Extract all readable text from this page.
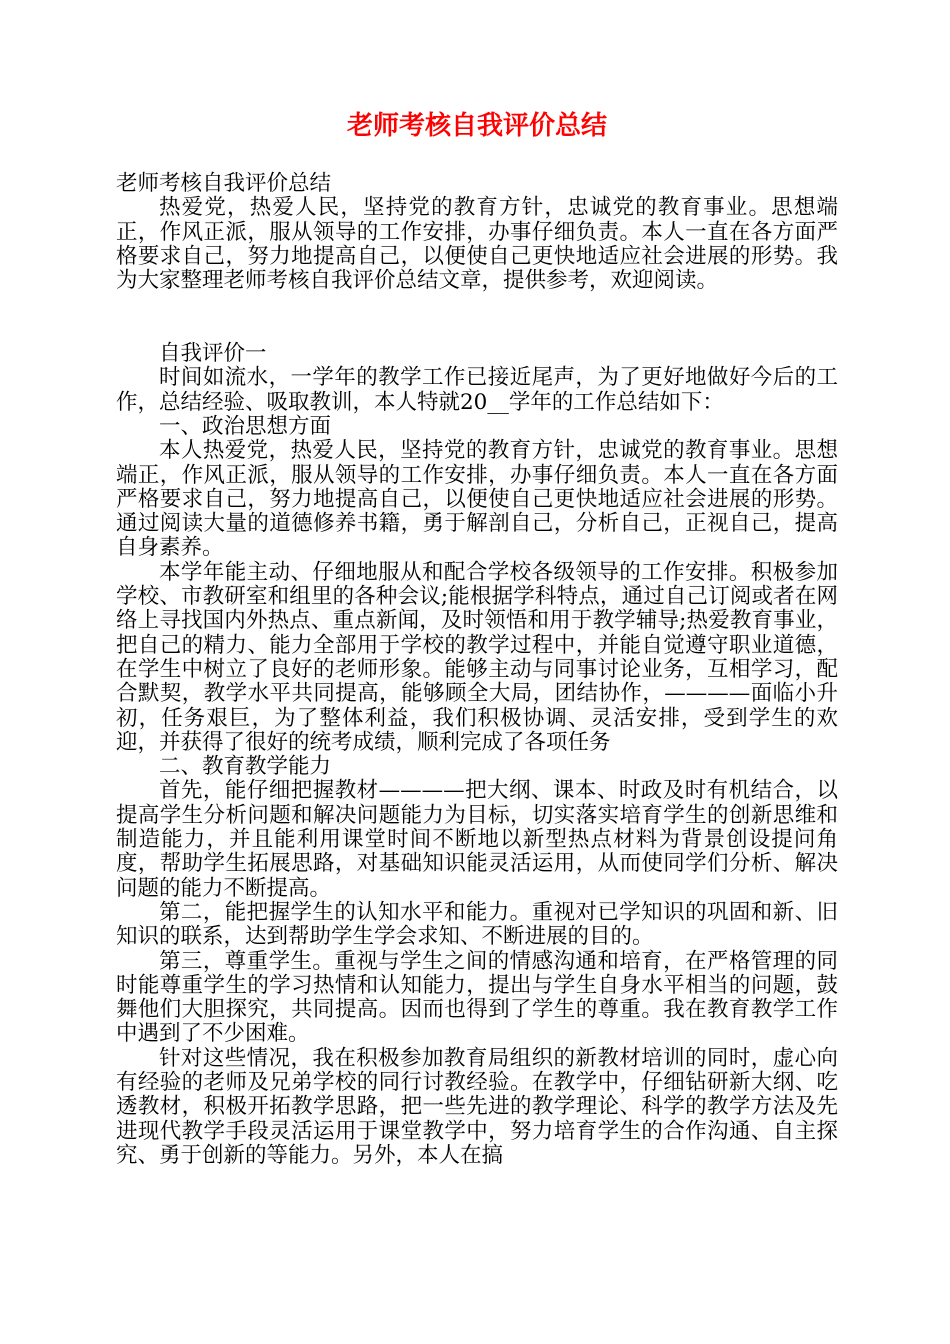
老师考核自我评价总结

老师考核自我评价总结

热爱党，热爱人民，坚持党的教育方针，忠诚党的教育事业。思想端正，作风正派，服从领导的工作安排，办事仔细负责。本人一直在各方面严格要求自己，努力地提高自己，以便使自己更快地适应社会进展的形势。我为大家整理老师考核自我评价总结文章，提供参考，欢迎阅读。

自我评价一

时间如流水，一学年的教学工作已接近尾声，为了更好地做好今后的工作，总结经验、吸取教训，本人特就20__学年的工作总结如下：

一、政治思想方面

本人热爱党，热爱人民，坚持党的教育方针，忠诚党的教育事业。思想端正，作风正派，服从领导的工作安排，办事仔细负责。本人一直在各方面严格要求自己，努力地提高自己，以便使自己更快地适应社会进展的形势。通过阅读大量的道德修养书籍，勇于解剖自己，分析自己，正视自己，提高自身素养。

本学年能主动、仔细地服从和配合学校各级领导的工作安排。积极参加学校、市教研室和组里的各种会议;能根据学科特点，通过自己订阅或者在网络上寻找国内外热点、重点新闻，及时领悟和用于教学辅导;热爱教育事业，把自己的精力、能力全部用于学校的教学过程中，并能自觉遵守职业道德，在学生中树立了良好的老师形象。能够主动与同事讨论业务，互相学习，配合默契，教学水平共同提高，能够顾全大局，团结协作，————面临小升初，任务艰巨，为了整体利益，我们积极协调、灵活安排，受到学生的欢迎，并获得了很好的统考成绩，顺利完成了各项任务

二、教育教学能力

首先，能仔细把握教材————把大纲、课本、时政及时有机结合，以提高学生分析问题和解决问题能力为目标，切实落实培育学生的创新思维和制造能力，并且能利用课堂时间不断地以新型热点材料为背景创设提问角度，帮助学生拓展思路，对基础知识能灵活运用，从而使同学们分析、解决问题的能力不断提高。

第二，能把握学生的认知水平和能力。重视对已学知识的巩固和新、旧知识的联系，达到帮助学生学会求知、不断进展的目的。

第三，尊重学生。重视与学生之间的情感沟通和培育，在严格管理的同时能尊重学生的学习热情和认知能力，提出与学生自身水平相当的问题，鼓舞他们大胆探究，共同提高。因而也得到了学生的尊重。我在教育教学工作中遇到了不少困难。

针对这些情况，我在积极参加教育局组织的新教材培训的同时，虚心向有经验的老师及兄弟学校的同行讨教经验。在教学中，仔细钻研新大纲、吃透教材，积极开拓教学思路，把一些先进的教学理论、科学的教学方法及先进现代教学手段灵活运用于课堂教学中，努力培育学生的合作沟通、自主探究、勇于创新的等能力。另外，本人在搞
